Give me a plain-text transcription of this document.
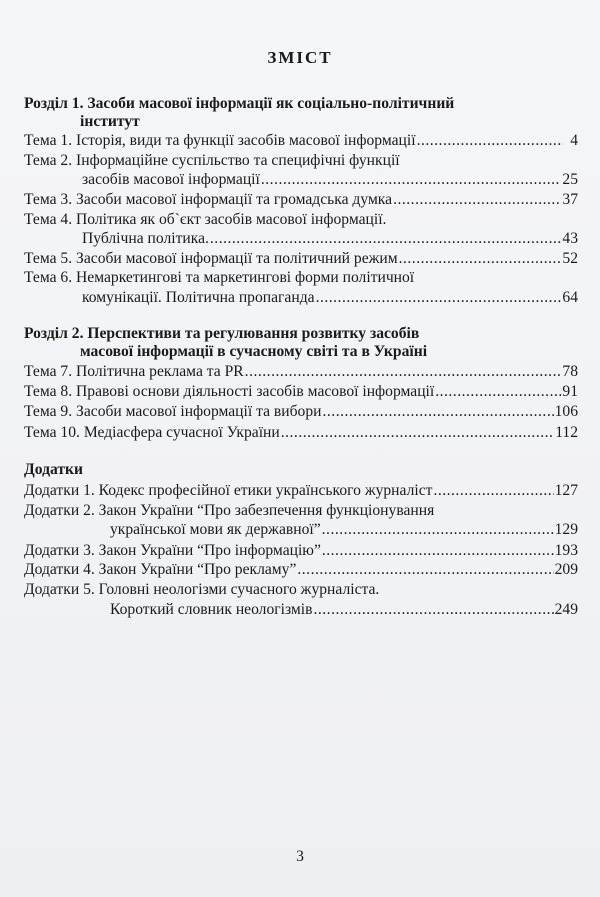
ЗМІСТ
Розділ 1. Засоби масової інформації як соціально-політичний
інститут
Тема 1. Історія, види та функції засобів масової інформації .....	4
Тема 2. Інформаційне суспільство та специфічні функції
засобів масової інформації .....	25
Тема 3. Засоби масової інформації та громадська думка .....	37
Тема 4. Політика як об`єкт засобів масової інформації.
Публічна політика. .....	43
Тема 5. Засоби масової інформації та політичний режим .....	52
Тема 6. Немаркетингові та маркетингові форми політичної
комунікації. Політична пропаганда .....	64
Розділ 2. Перспективи та регулювання розвитку засобів
масової інформації в сучасному світі та в Україні
Тема 7. Політична реклама та PR .....	78
Тема 8. Правові основи діяльності засобів масової інформації .....	91
Тема 9. Засоби масової інформації та вибори .....	106
Тема 10. Медіасфера сучасної України .....	112
Додатки
Додатки 1. Кодекс професійної етики українського журналіст .....	127
Додатки 2. Закон України “Про забезпечення функціонування
української мови як державної” .....	129
Додатки 3. Закон України “Про інформацію” .....	193
Додатки 4. Закон України “Про рекламу” .....	209
Додатки 5. Головні неологізми сучасного журналіста.
Короткий словник неологізмів .....	249
3
